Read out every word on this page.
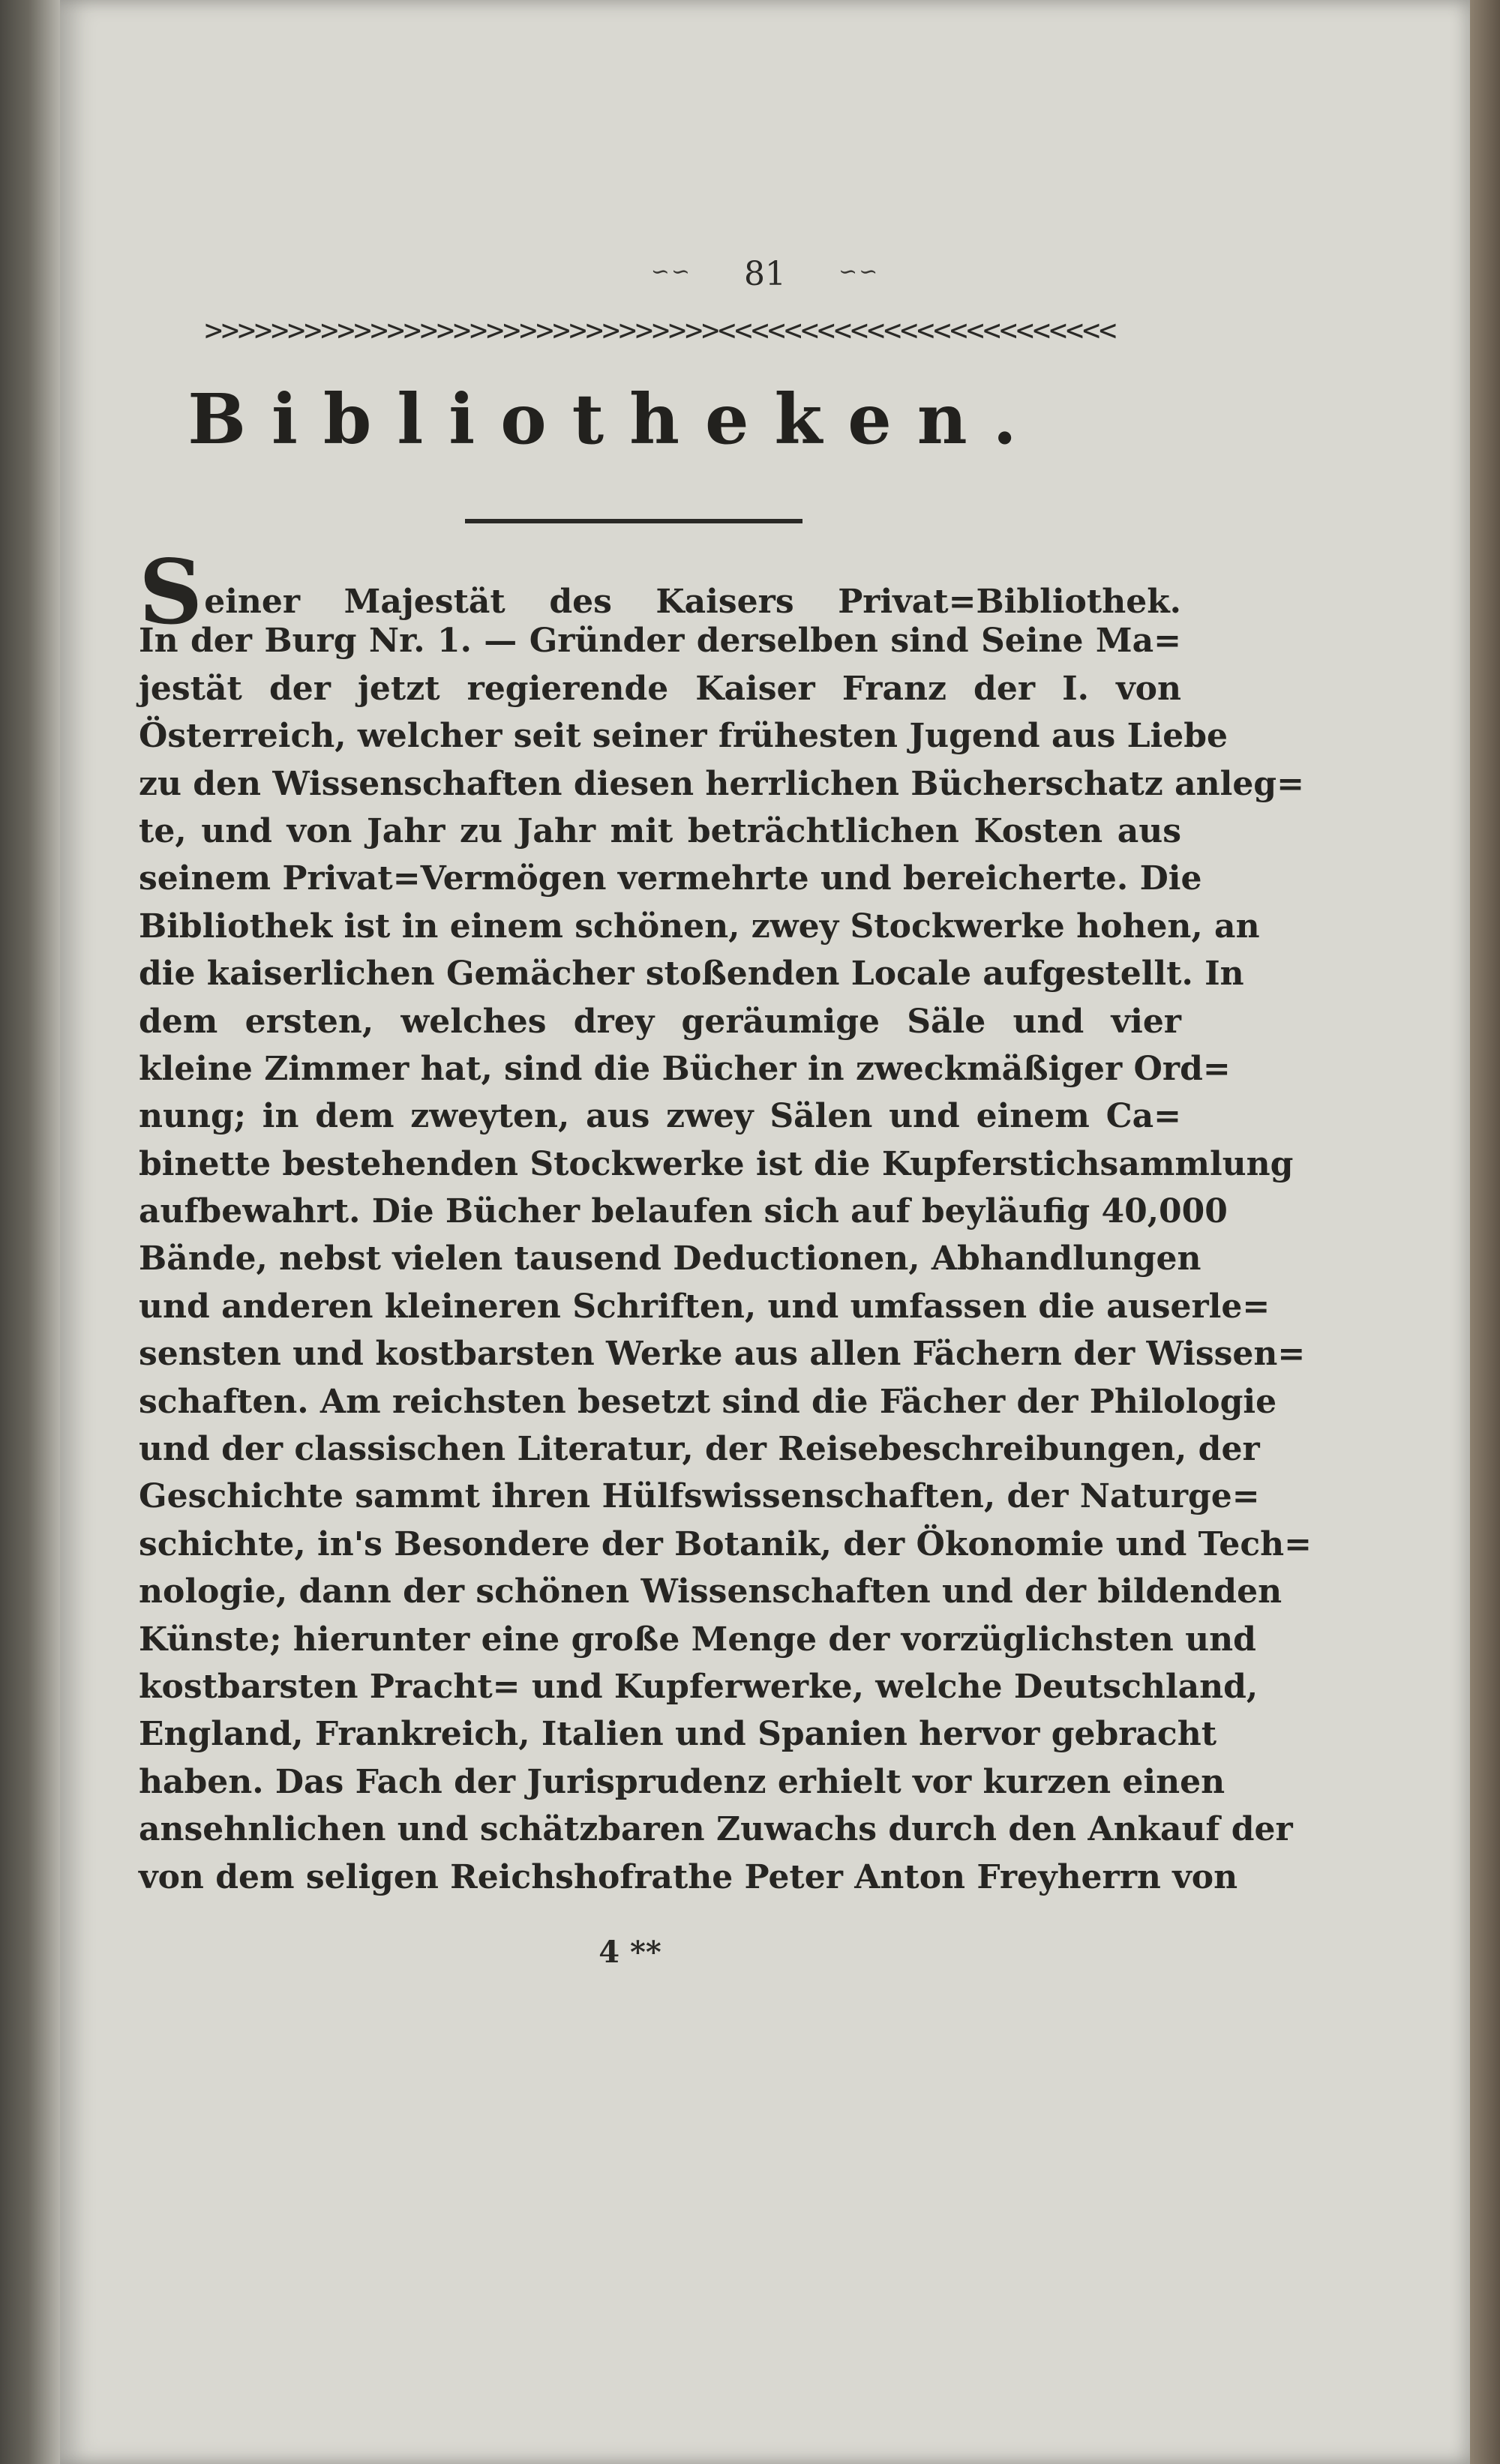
∽∽ 81 ∽∽
>>>>>>>>>>>>>>>>>>>>>>>>>>>>>>><<<<<<<<<<<<<<<<<<<<<<<<
Bibliotheken.
Seiner Majestät des Kaisers Privat=Bibliothek.
In der Burg Nr. 1. — Gründer derselben sind Seine Ma=
jestät der jetzt regierende Kaiser Franz der I. von
Österreich, welcher seit seiner frühesten Jugend aus Liebe
zu den Wissenschaften diesen herrlichen Bücherschatz anleg=
te, und von Jahr zu Jahr mit beträchtlichen Kosten aus
seinem Privat=Vermögen vermehrte und bereicherte. Die
Bibliothek ist in einem schönen, zwey Stockwerke hohen, an
die kaiserlichen Gemächer stoßenden Locale aufgestellt. In
dem ersten, welches drey geräumige Säle und vier
kleine Zimmer hat, sind die Bücher in zweckmäßiger Ord=
nung; in dem zweyten, aus zwey Sälen und einem Ca=
binette bestehenden Stockwerke ist die Kupferstichsammlung
aufbewahrt. Die Bücher belaufen sich auf beyläufig 40,000
Bände, nebst vielen tausend Deductionen, Abhandlungen
und anderen kleineren Schriften, und umfassen die auserle=
sensten und kostbarsten Werke aus allen Fächern der Wissen=
schaften. Am reichsten besetzt sind die Fächer der Philologie
und der classischen Literatur, der Reisebeschreibungen, der
Geschichte sammt ihren Hülfswissenschaften, der Naturge=
schichte, in's Besondere der Botanik, der Ökonomie und Tech=
nologie, dann der schönen Wissenschaften und der bildenden
Künste; hierunter eine große Menge der vorzüglichsten und
kostbarsten Pracht= und Kupferwerke, welche Deutschland,
England, Frankreich, Italien und Spanien hervor gebracht
haben. Das Fach der Jurisprudenz erhielt vor kurzen einen
ansehnlichen und schätzbaren Zuwachs durch den Ankauf der
von dem seligen Reichshofrathe Peter Anton Freyherrn von
4 **
